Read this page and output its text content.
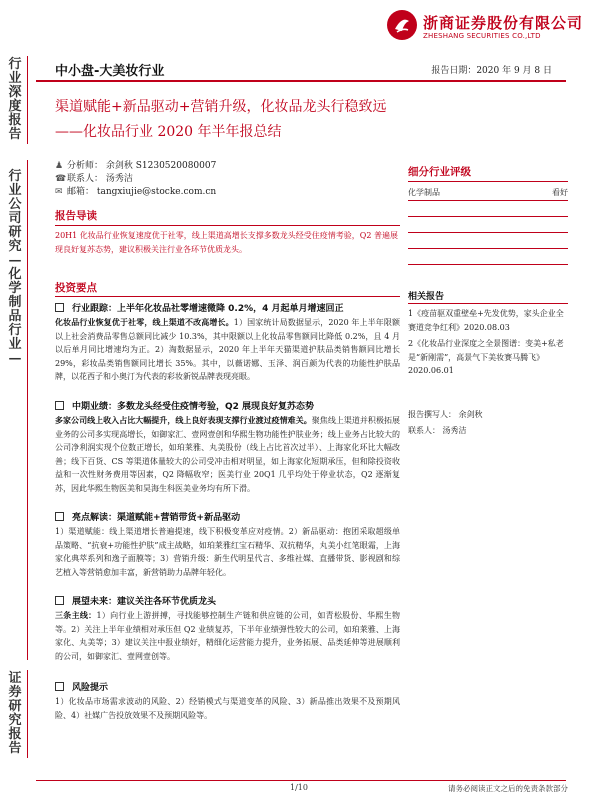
行
业
深
度
报
告
行
业
公
司
研
究
—
化
学
制
品
行
业
—
证
券
研
究
报
告
浙商证券股份有限公司
ZHESHANG SECURITIES CO.,LTD
中小盘-大美妆行业	报告日期：2020 年 9 月 8 日
渠道赋能+新品驱动+营销升级，化妆品龙头行稳致远
——化妆品行业 2020 年半年报总结
♟ 分析师： 余剑秋 S1230520080007
☎ 联系人： 汤秀洁
✉ 邮箱： tangxiujie@stocke.com.cn
报告导读
20H1 化妆品行业恢复速度优于社零，线上渠道高增长支撑多数龙头经受住疫情考验，Q2 普遍展现良好复苏态势，建议积极关注行业各环节优质龙头。
投资要点
行业跟踪：上半年化妆品社零增速微降 0.2%，4 月起单月增速回正
化妆品行业恢复优于社零，线上渠道不改高增长。1）国家统计局数据显示，2020 年上半年限额以上社会消费品零售总额同比减少 10.3%，其中限额以上化妆品零售额同比降低 0.2%，且 4 月以后单月同比增速均为正。2）淘数据显示，2020 年上半年天猫渠道护肤品类销售额同比增长 29%，彩妆品类销售额同比增长 35%。其中，以薇诺娜、玉泽、润百颜为代表的功能性护肤品牌，以花西子和小奥汀为代表的彩妆新锐品牌表现亮眼。
中期业绩：多数龙头经受住疫情考验，Q2 展现良好复苏态势
多家公司线上收入占比大幅提升，线上良好表现支撑行业渡过疫情难关。聚焦线上渠道并积极拓展业务的公司多实现高增长，如御家汇、壹网壹创和华熙生物功能性护肤业务；线上业务占比较大的公司净利润实现个位数正增长，如珀莱雅、丸美股份（线上占比首次过半）、上海家化环比大幅改善；线下百货、CS 等渠道体量较大的公司受冲击相对明显，如上海家化短期承压，但和除投资收益和一次性财务费用等因素，Q2 降幅收窄；医美行业 20Q1 几乎均处于停业状态，Q2 逐渐复苏，因此华熙生物医美和昊海生科医美业务均有所下滑。
亮点解读：渠道赋能+营销带货+新品驱动
1）渠道赋能：线上渠道增长普遍提速，线下积极变革应对疫情。2）新品驱动：抱团采取超级单品策略、“抗衰+功能性护肤”成主战略，如珀莱雅红宝石精华、双抗精华，丸美小红笔眼霜，上海家化典萃系列和逸子面膜等；3）营销升级：新生代明星代言、多维社媒、直播带货、影视剧和综艺植入等营销愈加丰富，新营销助力品牌年轻化。
展望未来：建议关注各环节优质龙头
三条主线：1）向行业上游拼搏，寻找能够控制生产链和供应链的公司，如青松股份、华熙生物等。2）关注上半年业绩相对承压但 Q2 业绩复苏，下半年业绩弹性较大的公司，如珀莱雅、上海家化、丸美等；3）建议关注中报业绩好，精细化运营能力提升，业务拓展、品类延伸等进展顺利的公司，如御家汇、壹网壹创等。
风险提示
1）化妆品市场需求波动的风险、2）经销模式与渠道变革的风险、3）新品推出效果不及预期风险、4）社媒广告投放效果不及预期风险等。
细分行业评级
化学制品	看好
相关报告
1《疫苗驱双重壁垒+先发优势，家头企业全赛道竞争红利》2020.08.03
2《化妆品行业深度之全景图谱：变美+私老是“新刚需”，高景气下美妆赛马腾飞》2020.06.01
报告撰写人： 余剑秋
联系人： 汤秀洁
1/10	请务必阅读正文之后的免责条款部分
